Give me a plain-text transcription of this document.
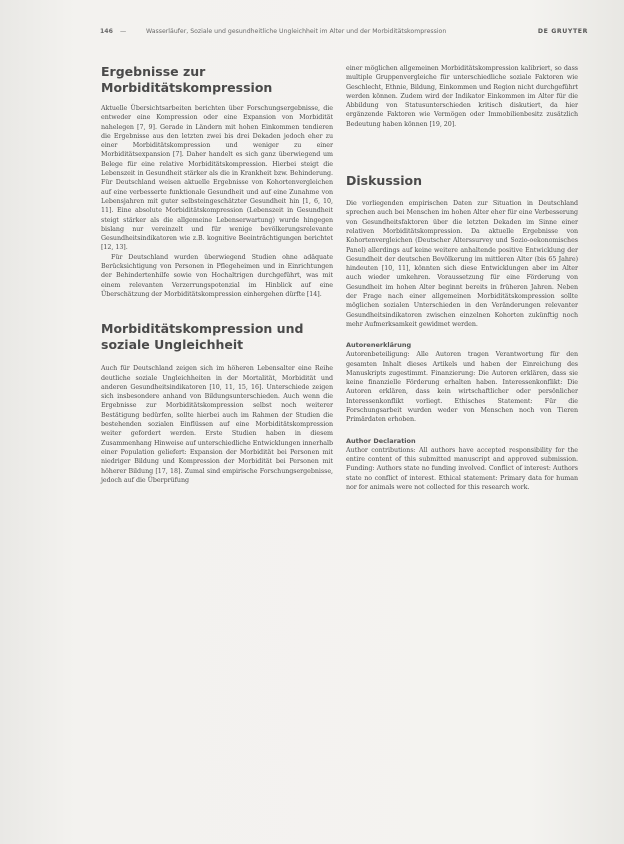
146 —	Wasserläufer, Soziale und gesundheitliche Ungleichheit im Alter und der Morbiditätskompression	DE GRUYTER
Ergebnisse zur Morbiditätskompression

Aktuelle Übersichtsarbeiten berichten über Forschungsergebnisse, die entweder eine Kompression oder eine Expansion von Morbidität nahelegen [7, 9]. Gerade in Ländern mit hohen Einkommen tendieren die Ergebnisse aus den letzten zwei bis drei Dekaden jedoch eher zu einer Morbiditätskompression und weniger zu einer Morbiditätsexpansion [7]. Daher handelt es sich ganz überwiegend um Belege für eine relative Morbiditätskompression. Hierbei steigt die Lebenszeit in Gesundheit stärker als die in Krankheit bzw. Behinderung. Für Deutschland weisen aktuelle Ergebnisse von Kohortenvergleichen auf eine verbesserte funktionale Gesundheit und auf eine Zunahme von Lebensjahren mit guter selbsteingeschätzter Gesundheit hin [1, 6, 10, 11]. Eine absolute Morbiditätskompression (Lebenszeit in Gesundheit steigt stärker als die allgemeine Lebenserwartung) wurde hingegen bislang nur vereinzelt und für wenige bevölkerungsrelevante Gesundheitsindikatoren wie z.B. kognitive Beeinträchtigungen berichtet [12, 13].

Für Deutschland wurden überwiegend Studien ohne adäquate Berücksichtigung von Personen in Pflegeheimen und in Einrichtungen der Behindertenhilfe sowie von Hochaltrigen durchgeführt, was mit einem relevanten Verzerrungspotenzial im Hinblick auf eine Überschätzung der Morbiditätskompression einhergehen dürfte [14].

Morbiditätskompression und soziale Ungleichheit

Auch für Deutschland zeigen sich im höheren Lebensalter eine Reihe deutliche soziale Ungleichheiten in der Mortalität, Morbidität und anderen Gesundheitsindikatoren [10, 11, 15, 16]. Unterschiede zeigen sich insbesondere anhand von Bildungsunterschieden. Auch wenn die Ergebnisse zur Morbiditätskompression selbst noch weiterer Bestätigung bedürfen, sollte hierbei auch im Rahmen der Studien die bestehenden sozialen Einflüssen auf eine Morbiditätskompression weiter gefordert werden. Erste Studien haben in diesem Zusammenhang Hinweise auf unterschiedliche Entwicklungen innerhalb einer Population geliefert: Expansion der Morbidität bei Personen mit niedriger Bildung und Kompression der Morbidität bei Personen mit höherer Bildung [17, 18]. Zumal sind empirische Forschungsergebnisse, jedoch auf die Überprüfung

einer möglichen allgemeinen Morbiditätskompression kalibriert, so dass multiple Gruppenvergleiche für unterschiedliche soziale Faktoren wie Geschlecht, Ethnie, Bildung, Einkommen und Region nicht durchgeführt werden können. Zudem wird der Indikator Einkommen im Alter für die Abbildung von Statusunterschieden kritisch diskutiert, da hier ergänzende Faktoren wie Vermögen oder Immobilienbesitz zusätzlich Bedeutung haben können [19, 20].

Diskussion

Die vorliegenden empirischen Daten zur Situation in Deutschland sprechen auch bei Menschen im hohen Alter eher für eine Verbesserung von Gesundheitsfaktoren über die letzten Dekaden im Sinne einer relativen Morbiditätskompression. Da aktuelle Ergebnisse von Kohortenvergleichen (Deutscher Alterssurvey und Sozio-oekonomisches Panel) allerdings auf keine weitere anhaltende positive Entwicklung der Gesundheit der deutschen Bevölkerung im mittleren Alter (bis 65 Jahre) hindeuten [10, 11], könnten sich diese Entwicklungen aber im Alter auch wieder umkehren. Voraussetzung für eine Förderung von Gesundheit im hohen Alter beginnt bereits in früheren Jahren. Neben der Frage nach einer allgemeinen Morbiditätskompression sollte möglichen sozialen Unterschieden in den Veränderungen relevanter Gesundheitsindikatoren zwischen einzelnen Kohorten zukünftig noch mehr Aufmerksamkeit gewidmet werden.

Autorenerklärung

Autorenbeteiligung: Alle Autoren tragen Verantwortung für den gesamten Inhalt dieses Artikels und haben der Einreichung des Manuskripts zugestimmt. Finanzierung: Die Autoren erklären, dass sie keine finanzielle Förderung erhalten haben. Interessenkonflikt: Die Autoren erklären, dass kein wirtschaftlicher oder persönlicher Interessenkonflikt vorliegt. Ethisches Statement: Für die Forschungsarbeit wurden weder von Menschen noch von Tieren Primärdaten erhoben.

Author Declaration

Author contributions: All authors have accepted responsibility for the entire content of this submitted manuscript and approved submission. Funding: Authors state no funding involved. Conflict of interest: Authors state no conflict of interest. Ethical statement: Primary data for human nor for animals were not collected for this research work.
